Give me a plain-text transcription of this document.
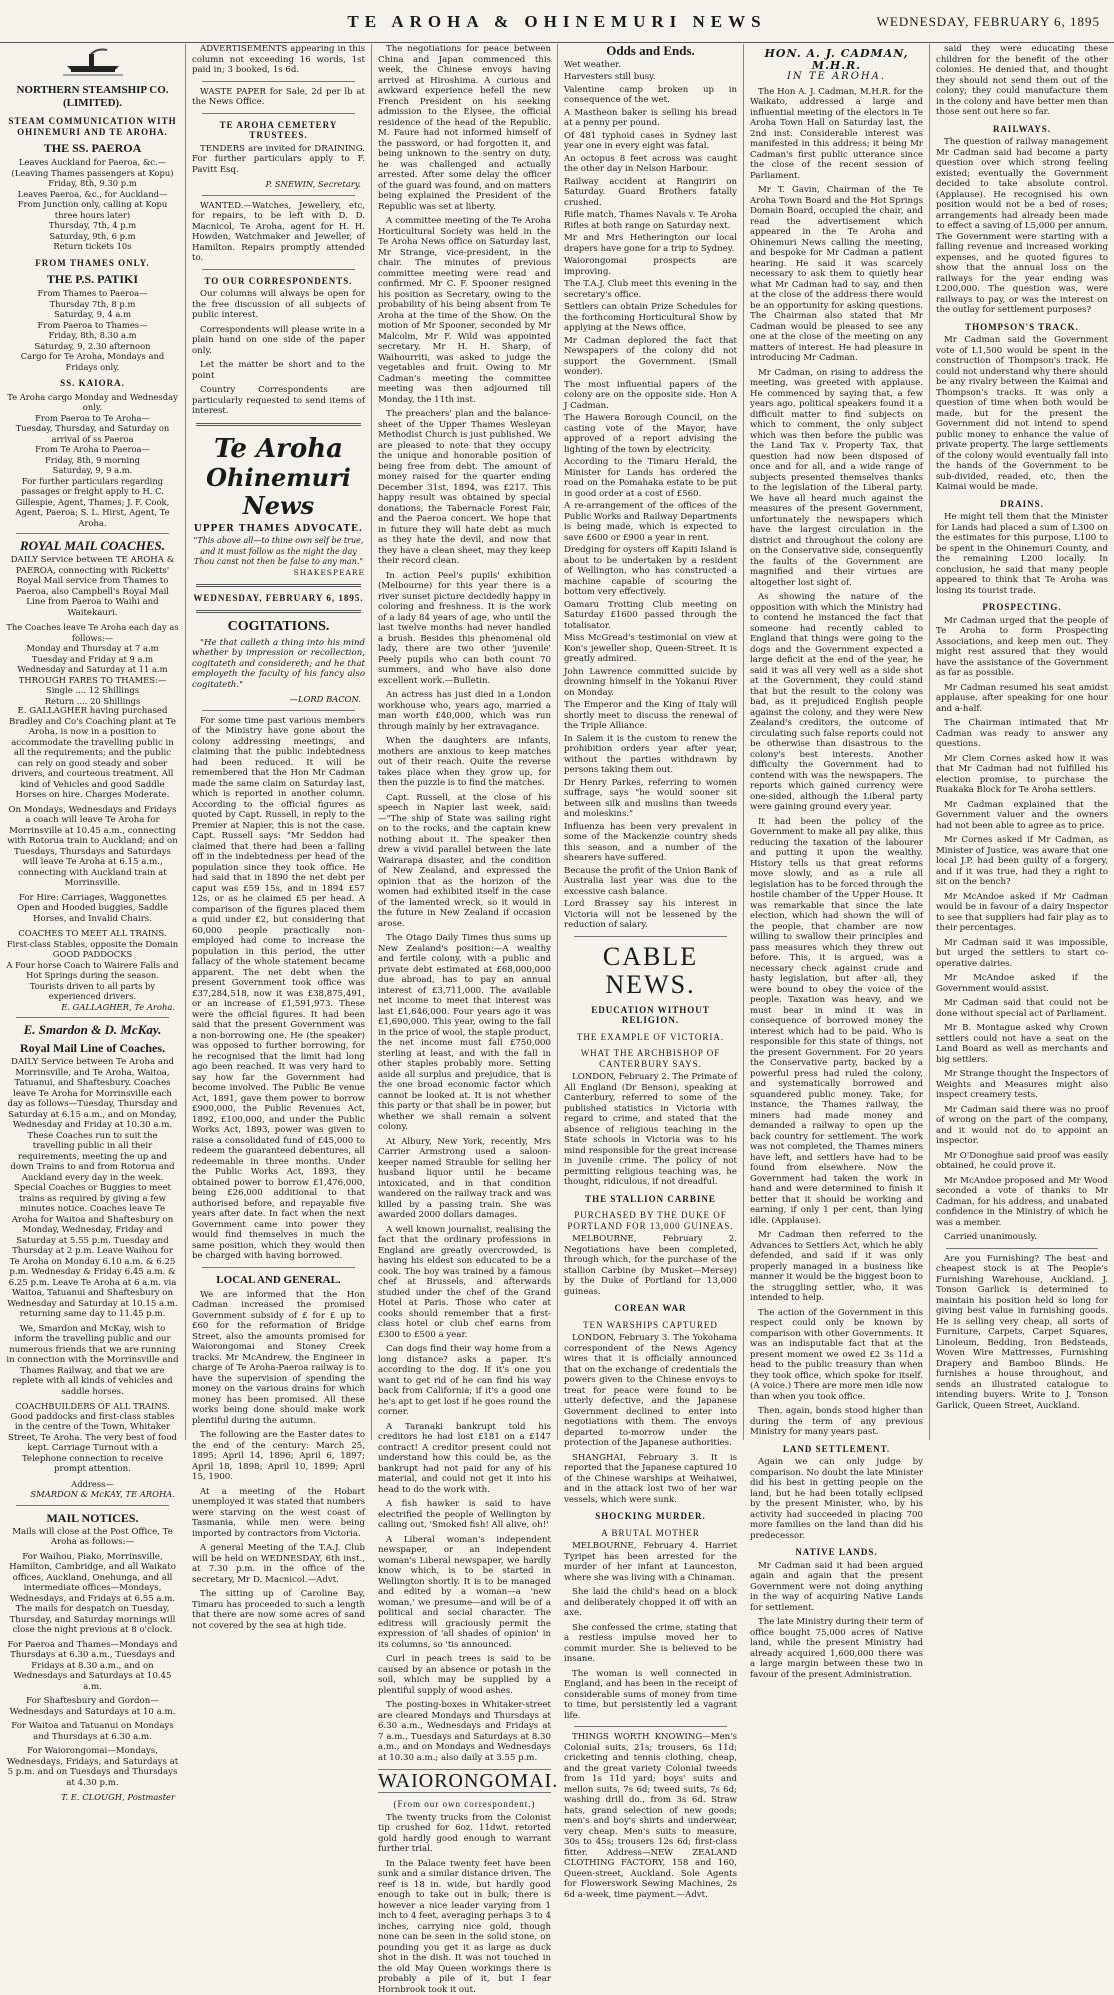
TE AROHA & OHINEMURI NEWS	WEDNESDAY, FEBRUARY 6, 1895
NORTHERN STEAMSHIP CO. (LIMITED).
STEAM COMMUNICATION WITH OHINEMURI AND TE AROHA.
THE SS. PAEROA

Leaves Auckland for Paeroa, &c.—

(Leaving Thames passengers at Kopu)

Friday, 8th, 9.30 p.m

Leaves Paeroa, &c., for Auckland—

From Junction only, calling at Kopu

three hours later)

Thursday, 7th, 4 p.m

Saturday, 9th, 6 p.m

Return tickets 10s

FROM THAMES ONLY.
THE P.S. PATIKI

From Thames to Paeroa—

Thursday 7th, 8 p.m

Saturday, 9, 4 a.m

From Paeroa to Thames—

Friday, 8th, 8.30 a.m

Saturday, 9, 2.30 afternoon

Cargo for Te Aroha, Mondays and Fridays only.

SS. KAIORA.

Te Aroha cargo Monday and Wednesday only.

From Paeroa to Te Aroha—

Tuesday, Thursday, and Saturday on arrival of ss Paeroa

From Te Aroha to Paeroa—

Friday, 8th, 9 morning

Saturday, 9, 9 a.m.

For further particulars regarding passages or freight apply to H. C. Gillespie, Agent, Thames; J. F. Cook, Agent, Paeroa; S. L. Hirst, Agent, Te Aroha.

ROYAL MAIL COACHES.

DAILY Service between TE AROHA & PAEROA, connecting with Ricketts' Royal Mail service from Thames to Paeroa, also Campbell's Royal Mail Line from Paeroa to Waihi and Waitekauri.

The Coaches leave Te Aroha each day as follows:—

Monday and Thursday at 7 a.m

Tuesday and Friday at 9 a.m

Wednesday and Saturday at 11 a.m

THROUGH FARES TO THAMES:—

Single .... 12 Shillings

Return .... 20 Shillings

E. GALLAGHER having purchased Bradley and Co's Coaching plant at Te Aroha, is now in a position to accommodate the travelling public in all the requirements; and the public can rely on good steady and sober drivers, and courteous treatment. All kind of Vehicles and good Saddle Horses on hire. Charges Moderate.

On Mondays, Wednesdays and Fridays a coach will leave Te Aroha for Morrinsville at 10.45 a.m., connecting with Rotorua train to Auckland; and on Tuesdays, Thursdays and Saturdays will leave Te Aroha at 6.15 a.m., connecting with Auckland train at Morrinsville.

For Hire: Carriages, Waggonettes Open and Hooded buggies, Saddle Horses, and Invalid Chairs.

COACHES TO MEET ALL TRAINS.

First-class Stables, opposite the Domain

GOOD PADDOCKS

A Four horse Coach to Wairere Falls and Hot Springs during the season.

Tourists driven to all parts by experienced drivers.

E. GALLAGHER, Te Aroha.
E. Smardon & D. McKay.
Royal Mail Line of Coaches.

DAILY Service between Te Aroha and Morrinsville, and Te Aroha, Waitoa, Tatuanui, and Shaftesbury. Coaches leave Te Aroha for Morrinsville each day as follows—Tuesday, Thursday and Saturday at 6.15 a.m., and on Monday, Wednesday and Friday at 10.30 a.m. These Coaches run to suit the travelling public in all their requirements, meeting the up and down Trains to and from Rotorua and Auckland every day in the week. Special Coaches or Buggies to meet trains as required by giving a few minutes notice. Coaches leave Te Aroha for Waitoa and Shaftesbury on Monday, Wednesday, Friday and Saturday at 5.55 p.m. Tuesday and Thursday at 2 p.m. Leave Waihou for Te Aroha on Monday 6.10 a.m. & 6.25 p.m. Wednesday & Friday 6.45 a.m. & 6.25 p.m. Leave Te Aroha at 6 a.m. via Waitoa, Tatuanui and Shaftesbury on Wednesday and Saturday at 10.15 a.m. returning same day to 11.45 p.m.

We, Smardon and McKay, wish to inform the travelling public and our numerous friends that we are running in connection with the Morrinsville and Thames Railway, and that we are replete with all kinds of vehicles and saddle horses.

COACHBUILDERS OF ALL TRAINS.

Good paddocks and first-class stables in the centre of the Town, Whitaker Street, Te Aroha. The very best of food kept. Carriage Turnout with a Telephone connection to receive prompt attention.

Address—
SMARDON & McKAY, TE AROHA.
MAIL NOTICES.

Mails will close at the Post Office, Te Aroha as follows:—

For Waihou, Piako, Morrinsville, Hamilton, Cambridge, and all Waikato offices, Auckland, Onehunga, and all intermediate offices—Mondays, Wednesdays, and Fridays at 6.55 a.m. The mails for despatch on Tuesday, Thursday, and Saturday mornings will close the night previous at 8 o'clock.

For Paeroa and Thames—Mondays and Thursdays at 6.30 a.m., Tuesdays and Fridays at 8.30 a.m., and on Wednesdays and Saturdays at 10.45 a.m.

For Shaftesbury and Gordon—Wednesdays and Saturdays at 10 a.m.

For Waitoa and Tatuanui on Mondays and Thursdays at 6.30 a.m.

For Waiorongomai—Mondays, Wednesdays, Fridays, and Saturdays at 5 p.m. and on Tuesdays and Thursdays at 4.30 p.m.

T. E. CLOUGH, Postmaster

ADVERTISEMENTS appearing in this column not exceeding 16 words, 1st paid in; 3 booked, 1s 6d.

WASTE PAPER for Sale, 2d per lb at the News Office.

TE AROHA CEMETERY TRUSTEES.

TENDERS are invited for DRAINING. For further particulars apply to F. Pavitt Esq.

P. SNEWIN, Secretary.

WANTED.—Watches, Jewellery, etc, for repairs, to be left with D. D. Macnicol, Te Aroha, agent for H. H. Howden, Watchmaker and Jeweller, of Hamilton. Repairs promptly attended to.

TO OUR CORRESPONDENTS.

Our columns will always be open for the free discussion of all subjects of public interest.

Correspondents will please write in a plain hand on one side of the paper only.

Let the matter be short and to the point

Country Correspondents are particularly requested to send items of interest.

Te Aroha
Ohinemuri News
UPPER THAMES ADVOCATE.
"This above all—to thine own self be true, and it must follow as the night the day Thou canst not then be false to any man."
SHAKESPEARE
WEDNESDAY, FEBRUARY 6, 1895.
COGITATIONS.

"He that calleth a thing into his mind whether by impression or recollection, cogitateth and considereth; and he that employeth the faculty of his fancy also cogitateth."

—LORD BACON.

For some time past various members of the Ministry have gone about the colony addressing meetings, and claiming that the public indebtedness had been reduced. It will be remembered that the Hon Mr Cadman made the same claim on Saturday last, which is reported in another column. According to the official figures as quoted by Capt. Russell, in reply to the Premier at Napier, this is not the case. Capt. Russell says: "Mr Seddon had claimed that there had been a falling off in the indebtedness per head of the population since they took office. He had said that in 1890 the net debt per caput was £59 15s, and in 1894 £57 12s, or as he claimed £5 per head. A comparison of the figures placed them a quid under £2, but considering that 60,000 people practically non-employed had come to increase the population in this period, the utter fallacy of the whole statement became apparent. The net debt when the present Government took office was £37,284,518, now it was £38,875,491, or an increase of £1,591,973. These were the official figures. It had been said that the present Government was a non-borrowing one. He (the speaker) was opposed to further borrowing, for he recognised that the limit had long ago been reached. It was very hard to say how far the Government had become involved. The Public Be venue Act, 1891, gave them power to borrow £900,000, the Public Revenues Act, 1892, £100,000, and under the Public Works Act, 1893, power was given to raise a consolidated fund of £45,000 to redeem the guaranteed debentures, all redeemable in three months. Under the Public Works Act, 1893, they obtained power to borrow £1,476,000, being £26,000 additional to that authorised before, and repayable five years after date. In fact when the next Government came into power they would find themselves in much the same position, which they would then be charged with having borrowed.

LOCAL AND GENERAL.

We are informed that the Hon Cadman increased the promised Government subsidy of £ for £ up to £60 for the reformation of Bridge Street, also the amounts promised for Waiorongomai and Stoney Creek tracks. Mr McAndrew, the Engineer in charge of Te Aroha-Paeroa railway is to have the supervision of spending the money on the various drains for which money has been promised. All these works being done should make work plentiful during the autumn.

The following are the Easter dates to the end of the century: March 25, 1895; April 14, 1896; April 6, 1897; April 18, 1898; April 10, 1899; April 15, 1900.

At a meeting of the Hobart unemployed it was stated that numbers were starving on the west coast of Tasmania, while men were being imported by contractors from Victoria.

A general Meeting of the T.A.J. Club will be held on WEDNESDAY, 6th inst., at 7.30 p.m. in the office of the secretary, Mr D. Macnicol.—Advt.

The sitting up of Caroline Bay, Timaru has proceeded to such a length that there are now some acres of sand not covered by the sea at high tide.

The negotiations for peace between China and Japan commenced this week, the Chinese envoys having arrived at Hiroshima. A curious and awkward experience befell the new French President on his seeking admission to the Elysee, the official residence of the head of the Republic. M. Faure had not informed himself of the password, or had forgotten it, and being unknown to the sentry on duty, he was challenged and actually arrested. After some delay the officer of the guard was found, and on matters being explained the President of the Republic was set at liberty.

A committee meeting of the Te Aroha Horticultural Society was held in the Te Aroha News office on Saturday last, Mr Strange, vice-president, in the chair. The minutes of previous committee meeting were read and confirmed. Mr C. F. Spooner resigned his position as Secretary, owing to the probability of his being absent from Te Aroha at the time of the Show. On the motion of Mr Spooner, seconded by Mr Malcolm, Mr F. Wild was appointed secretary. Mr H. H. Sharp, of Waihourriti, was asked to judge the vegetables and fruit. Owing to Mr Cadman's meeting the committee meeting was then adjourned till Monday, the 11th inst.

The preachers' plan and the balance-sheet of the Upper Thames Wesleyan Methodist Church is just published. We are pleased to note that they occupy the unique and honorable position of being free from debt. The amount of money raised for the quarter ending December 31st, 1894, was £217. This happy result was obtained by special donations, the Tabernacle Forest Fair, and the Paeroa concert. We hope that in future they will hate debt as much as they hate the devil, and now that they have a clean sheet, may they keep their record clean.

In action Peel's pupils' exhibition (Melbourne) for this year there is a river sunset picture decidedly happy in coloring and freshness. It is the work of a lady 84 years of age, who until the last twelve months had never handled a brush. Besides this phenomenal old lady, there are two other 'juvenile' Peely pupils who can both count 70 summers, and who have also done excellent work.—Bulletin.

An actress has just died in a London workhouse who, years ago, married a man worth £40,000, which was run through mainly by her extravagance.

When the daughters are infants, mothers are anxious to keep matches out of their reach. Quite the reverse takes place when they grow up, for then the puzzle is to find the matches.

Capt. Russell, at the close of his speech in Napier last week, said:—"The ship of State was sailing right on to the rocks, and the captain knew nothing about it. The speaker then drew a vivid parallel between the late Wairarapa disaster, and the condition of New Zealand, and expressed the opinion that as the horizon of the women had exhibited itself in the case of the lamented wreck, so it would in the future in New Zealand if occasion arose.

The Otago Daily Times thus sums up New Zealand's position:—A wealthy and fertile colony, with a public and private debt estimated at £68,000,000 due abroad, has to pay an annual interest of £3,711,000. The available net income to meet that interest was last £1,646,000. Four years ago it was £1,690,000. This year, owing to the fall in the price of wool, the staple product, the net income must fall £750,000 sterling at least, and with the fall in other staples probably more. Setting aside all surplus and prejudice, that is the one broad economic factor which cannot be looked at. It is not whether this party or that shall be in power, but whether we shall remain a solvent colony.

At Albury, New York, recently, Mrs Carrier Armstrong used a saloon-keeper named Strauble for selling her husband liquor until he became intoxicated, and in that condition wandered on the railway track and was killed by a passing train. She was awarded 2000 dollars damages.

A well known journalist, realising the fact that the ordinary professions in England are greatly overcrowded, is having his eldest son educated to be a cook. The boy was trained by a famous chef at Brussels, and afterwards studied under the chef of the Grand Hotel at Paris. Those who cater at cooks should remember that a first-class hotel or club chef earns from £300 to £500 a year.

Can dogs find their way home from a long distance? asks a paper. It's according to the dog. If it's one you want to get rid of he can find his way back from California; if it's a good one he's apt to get lost if he goes round the corner.

A Taranaki bankrupt told his creditors he had lost £181 on a £147 contract! A creditor present could not understand how this could be, as the bankrupt had not paid for any of his material, and could not get it into his head to do the work with.

A fish hawker is said to have electrified the people of Wellington by calling out, 'Smoked fish! All alive, oh!'

A Liberal woman's independent newspaper, or an independent woman's Liberal newspaper, we hardly know which, is to be started in Wellington shortly. It is to be managed and edited by a woman—a 'new woman,' we presume—and will be of a political and social character. The editress will graciously permit the expression of 'all shades of opinion' in its columns, so 'tis announced.

Curl in peach trees is said to be caused by an absence or potash in the soil, which may be supplied by a plentiful supply of wood ashes.

The posting-boxes in Whitaker-street are cleared Mondays and Thursdays at 6.30 a.m., Wednesdays and Fridays at 7 a.m., Tuesdays and Saturdays at 8.30 a.m., and on Mondays and Wednesdays at 10.30 a.m.; also daily at 3.55 p.m.

WAIORONGOMAI.
(From our own correspondent.)

The twenty trucks from the Colonist tip crushed for 6oz. 11dwt. retorted gold hardly good enough to warrant further trial.

In the Palace twenty feet have been sunk and a similar distance driven. The reef is 18 in. wide, but hardly good enough to take out in bulk; there is however a nice leader varying from 1 inch to 4 feet, averaging perhaps 3 to 4 inches, carrying nice gold, though none can be seen in the solid stone, on pounding you get it as large as duck shot in the dish. It was not touched in the old May Queen workings there is probably a pile of it, but I fear Hornbrook took it out.

Odds and Ends.

Wet weather.

Harvesters still busy.

Valentine camp broken up in consequence of the wet.

A Mastheon baker is selling his bread at a penny per pound.

Of 481 typhoid cases in Sydney last year one in every eight was fatal.

An octopus 8 feet across was caught the other day in Nelson Harbour.

Railway accident at Rangiriri on Saturday. Guard Brothers fatally crushed.

Rifle match, Thames Navals v. Te Aroha Rifles at both range on Saturday next.

Mr and Mrs Hetherington our local drapers have gone for a trip to Sydney.

Waiorongomai prospects are improving.

The T.A.J. Club meet this evening in the secretary's office.

Settlers can obtain Prize Schedules for the forthcoming Horticultural Show by applying at the News office.

Mr Cadman deplored the fact that Newspapers of the colony did not support the Government. (Small wonder).

The most influential papers of the colony are on the opposite side. Hon A J Cadman.

The Hawera Borough Council, on the casting vote of the Mayor, have approved of a report advising the lighting of the town by electricity.

According to the Timaru Herald, the Minister for Lands has ordered the road on the Pomahaka estate to be put in good order at a cost of £560.

A re-arrangement of the offices of the Public Works and Railway Departments is being made, which is expected to save £600 or £900 a year in rent.

Dredging for oysters off Kapiti Island is about to be undertaken by a resident of Wellington, who has constructed a machine capable of scouring the bottom very effectively.

Oamaru Trotting Club meeting on Saturday £1600 passed through the totalisator.

Miss McGread's testimonial on view at Kon's jeweller shop, Queen-Street. It is greatly admired.

John Lawrence committed suicide by drowning himself in the Yokanui River on Monday.

The Emperor and the King of Italy will shortly meet to discuss the renewal of the Triple Alliance.

In Salem it is the custom to renew the prohibition orders year after year, without the parties withdrawn by persons taking them out.

Dr Henry Parkes, referring to women suffrage, says "he would sooner sit between silk and muslins than tweeds and moleskins."

Influenza has been very prevalent in some of the Mackenzie country sheds this season, and a number of the shearers have suffered.

Because the profit of the Union Bank of Australia last year was due to the excessive cash balance.

Lord Brassey say his interest in Victoria will not be lessened by the reduction of salary.

CABLE NEWS.
EDUCATION WITHOUT RELIGION.
THE EXAMPLE OF VICTORIA.
WHAT THE ARCHBISHOP OF CANTERBURY SAYS.

LONDON, February 2. The Primate of All England (Dr Benson), speaking at Canterbury, referred to some of the published statistics in Victoria with regard to crime, and stated that the absence of religious teaching in the State schools in Victoria was to his mind responsible for the great increase in juvenile crime. The policy of not permitting religious teaching was, he thought, ridiculous, if not dreadful.

THE STALLION CARBINE
PURCHASED BY THE DUKE OF PORTLAND FOR 13,000 GUINEAS.

MELBOURNE, February 2. Negotiations have been completed, through which, for the purchase of the stallion Carbine (by Musket—Mersey) by the Duke of Portland for 13,000 guineas.

COREAN WAR
TEN WARSHIPS CAPTURED

LONDON, February 3. The Yokohama correspondent of the News Agency wires that it is officially announced that on the exchange of credentials the powers given to the Chinese envoys to treat for peace were found to be utterly defective, and the Japanese Government declined to enter into negotiations with them. The envoys departed to-morrow under the protection of the Japanese authorities.

SHANGHAI, February 3. It is reported that the Japanese captured 10 of the Chinese warships at Weihaiwei, and in the attack lost two of her war vessels, which were sunk.

SHOCKING MURDER.
A BRUTAL MOTHER

MELBOURNE, February 4. Harriet Tyripet has been arrested for the murder of her infant at Launceston, where she was living with a Chinaman.

She laid the child's head on a block and deliberately chopped it off with an axe.

She confessed the crime, stating that a restless impulse moved her to commit murder. She is believed to be insane.

The woman is well connected in England, and has been in the receipt of considerable sums of money from time to time, but persistently led a vagrant life.

THINGS WORTH KNOWING—Men's Colonial suits, 21s; trousers, 6s 11d; cricketing and tennis clothing, cheap, and the great variety Colonial tweeds from 1s 11d yard; boys' suits and mellon suits, 7s 6d; tweed suits, 7s 6d; washing drill do., from 3s 6d. Straw hats, grand selection of new goods; men's and boy's shirts and underwear, very cheap. Men's suits to measure, 30s to 45s; trousers 12s 6d; first-class fitter. Address—NEW ZEALAND CLOTHING FACTORY, 158 and 160, Queen-street, Auckland. Sole Agents for Flowerswork Sewing Machines, 2s 6d a-week, time payment.—Advt.

HON. A. J. CADMAN, M.H.R.
IN TE AROHA.

The Hon A. J. Cadman, M.H.R. for the Waikato, addressed a large and influential meeting of the electors in Te Aroha Town Hall on Saturday last, the 2nd inst. Considerable interest was manifested in this address; it being Mr Cadman's first public utterance since the close of the recent session of Parliament.

Mr T. Gavin, Chairman of the Te Aroha Town Board and the Hot Springs Domain Board, occupied the chair, and read the advertisement which appeared in the Te Aroha and Ohinemuri News calling the meeting, and bespoke for Mr Cadman a patient hearing. He said it was scarcely necessary to ask them to quietly hear what Mr Cadman had to say, and then at the close of the address there would be an opportunity for asking questions. The Chairman also stated that Mr Cadman would be pleased to see any one at the close of the meeting on any matters of interest. He had pleasure in introducing Mr Cadman.

Mr Cadman, on rising to address the meeting, was greeted with applause. He commenced by saying that, a few years ago, political speakers found it a difficult matter to find subjects on which to comment, the only subject which was then before the public was the Land Tax v. Property Tax, that question had now been disposed of once and for all, and a wide range of subjects presented themselves thanks to the legislation of the Liberal party. We have all heard much against the measures of the present Government, unfortunately the newspapers which have the largest circulation in the district and throughout the colony are on the Conservative side, consequently the faults of the Government are magnified and their virtues are altogether lost sight of.

As showing the nature of the opposition with which the Ministry had to contend he instanced the fact that someone had recently cabled to England that things were going to the dogs and the Government expected a large deficit at the end of the year, he said it was all very well as a side shot at the Government, they could stand that but the result to the colony was bad, as it prejudiced English people against the colony, and they were New Zealand's creditors, the outcome of circulating such false reports could not be otherwise than disastrous to the colony's best interests. Another difficulty the Government had to contend with was the newspapers. The reports which gained currency were one-sided, although the Liberal party were gaining ground every year.

It had been the policy of the Government to make all pay alike, thus reducing the taxation of the labourer and putting it upon the wealthy. History tells us that great reforms move slowly, and as a rule all legislation has to be forced through the hostile chamber of the Upper House. It was remarkable that since the late election, which had shown the will of the people, that chamber are now willing to swallow their principles and pass measures which they threw out before. This, it is argued, was a necessary check against crude and hasty legislation, but after all, they were bound to obey the voice of the people. Taxation was heavy, and we must bear in mind it was in consequence of borrowed money the interest which had to be paid. Who is responsible for this state of things, not the present Government. For 20 years the Conservative party, backed by a powerful press had ruled the colony, and systematically borrowed and squandered public money. Take, for instance, the Thames railway, the miners had made money and demanded a railway to open up the back country for settlement. The work was not completed, the Thames miners have left, and settlers have had to be found from elsewhere. Now the Government had taken the work in hand and were determined to finish it better that it should be working and earning, if only 1 per cent, than lying idle. (Applause).

Mr Cadman then referred to the Advances to Settlers Act, which he ably defended, and said if it was only properly managed in a business like manner it would be the biggest boon to the struggling settler, who, it was intended to help.

The action of the Government in this respect could only be known by comparison with other Governments. It was an indisputable fact that at the present moment we owed £2 3s 11d a head to the public treasury than when they took office, which spoke for itself. (A voice.) There are more men idle now than when you took office.

Then, again, bonds stood higher than during the term of any previous Ministry for many years past.

LAND SETTLEMENT.

Again we can only judge by comparison. No doubt the late Minister did his best in getting people on the land, but he had been totally eclipsed by the present Minister, who, by his activity had succeeded in placing 700 more families on the land than did his predecessor.

NATIVE LANDS.

Mr Cadman said it had been argued again and again that the present Government were not doing anything in the way of acquiring Native Lands for settlement.

The late Ministry during their term of office bought 75,000 acres of Native land, while the present Ministry had already acquired 1,600,000 there was a large margin between these two in favour of the present Administration.

said they were educating these children for the benefit of the other colonies. He denied that, and thought they should not send them out of the colony; they could manufacture them in the colony and have better men than those sent out here so far.

RAILWAYS.

The question of railway management Mr Cadman said had become a party question over which strong feeling existed; eventually the Government decided to take absolute control. (Applause). He recognised his own position would not be a bed of roses; arrangements had already been made to effect a saving of L5,000 per annum. The Government were starting with a falling revenue and increased working expenses, and he quoted figures to show that the annual loss on the railways for the year ending was L200,000. The question was, were railways to pay, or was the interest on the outlay for settlement purposes?

THOMPSON'S TRACK.

Mr Cadman said the Government vote of L1,500 would be spent in the construction of Thompson's track. He could not understand why there should be any rivalry between the Kaimai and Thompson's tracks. It was only a question of time when both would be made, but for the present the Government did not intend to spend public money to enhance the value of private property. The large settlements of the colony would eventually fall into the hands of the Government to be sub-divided, readed, etc, then the Kaimai would be made.

DRAINS.

He might tell them that the Minister for Lands had placed a sum of L300 on the estimates for this purpose, L100 to be spent in the Ohinemuri County, and the remaining L200 locally. In conclusion, he said that many people appeared to think that Te Aroha was losing its tourist trade.

PROSPECTING.

Mr Cadman urged that the people of Te Aroha to form Prospecting Associations, and keep men out. They might rest assured that they would have the assistance of the Government as far as possible.

Mr Cadman resumed his seat amidst applause, after speaking for one hour and a-half.

The Chairman intimated that Mr Cadman was ready to answer any questions.

Mr Clem Cornes asked how it was that Mr Cadman had not fulfilled his election promise, to purchase the Ruakaka Block for Te Aroha settlers.

Mr Cadman explained that the Government valuer and the owners had not been able to agree as to price.

Mr Cornes asked if Mr Cadman, as Minister of Justice, was aware that one local J.P. had been guilty of a forgery, and if it was true, had they a right to sit on the bench?

Mr McAndoe asked if Mr Cadman would be in favour of a dairy Inspector to see that suppliers had fair play as to their percentages.

Mr Cadman said it was impossible, but urged the settlers to start co-operative dairies.

Mr McAndoe asked if the Government would assist.

Mr Cadman said that could not be done without special act of Parliament.

Mr B. Montague asked why Crown settlers could not have a seat on the Land Board as well as merchants and big settlers.

Mr Strange thought the Inspectors of Weights and Measures might also inspect creamery tests.

Mr Cadman said there was no proof of wrong on the part of the company, and it would not do to appoint an inspector.

Mr O'Donoghue said proof was easily obtained, he could prove it.

Mr McAndoe proposed and Mr Wood seconded a vote of thanks to Mr Cadman, for his address, and unabated confidence in the Ministry of which he was a member.

Carried unanimously.

Are you Furnishing? The best and cheapest stock is at The People's Furnishing Warehouse, Auckland. J. Tonson Garlick is determined to maintain his position held so long for giving best value in furnishing goods. He is selling very cheap, all sorts of Furniture, Carpets, Carpet Squares, Linoleum, Bedding, Iron Bedsteads, Woven Wire Mattresses, Furnishing Drapery and Bamboo Blinds. He furnishes a house throughout, and sends an illustrated catalogue to intending buyers. Write to J. Tonson Garlick, Queen Street, Auckland.
